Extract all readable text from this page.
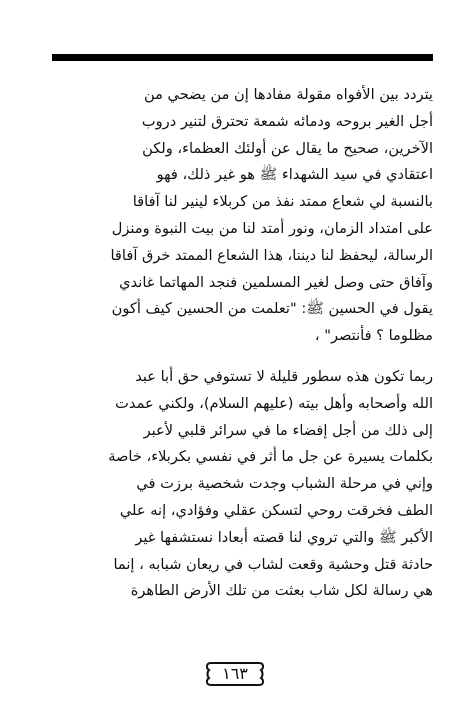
يتردد بين الأفواه مقولة مفادها إن من يضحي من
أجل الغير بروحه ودمائه شمعة تحترق لتنير دروب
الآخرين، صحيح ما يقال عن أولئك العظماء، ولكن
اعتقادي في سيد الشهداء ﷺ هو غير ذلك، فهو
بالنسبة لي شعاع ممتد نفذ من كربلاء لينير لنا آفاقا
على امتداد الزمان، ونور أمتد لنا من بيت النبوة ومنزل
الرسالة، ليحفظ لنا ديننا، هذا الشعاع الممتد خرق آفاقا
وآفاق حتى وصل لغير المسلمين فنجد المهاتما غاندي
يقول في الحسين ﷺ: "تعلمت من الحسين كيف أكون
مظلوما ؟ فأنتصر" ،

ربما تكون هذه سطور قليلة لا تستوفي حق أبا عبد
الله وأصحابه وأهل بيته (عليهم السلام)، ولكني عمدت
إلى ذلك من أجل إفضاء ما في سرائر قلبي لأعبر
بكلمات يسيرة عن جل ما أثر في نفسي بكربلاء، خاصة
وإني في مرحلة الشباب وجدت شخصية برزت في
الطف فخرقت روحي لتسكن عقلي وفؤادي، إنه علي
الأكبر ﷺ والتي تروي لنا قصته أبعادا نستشفها غير
حادثة قتل وحشية وقعت لشاب في ريعان شبابه ، إنما
هي رسالة لكل شاب بعثت من تلك الأرض الطاهرة

١٦٣
